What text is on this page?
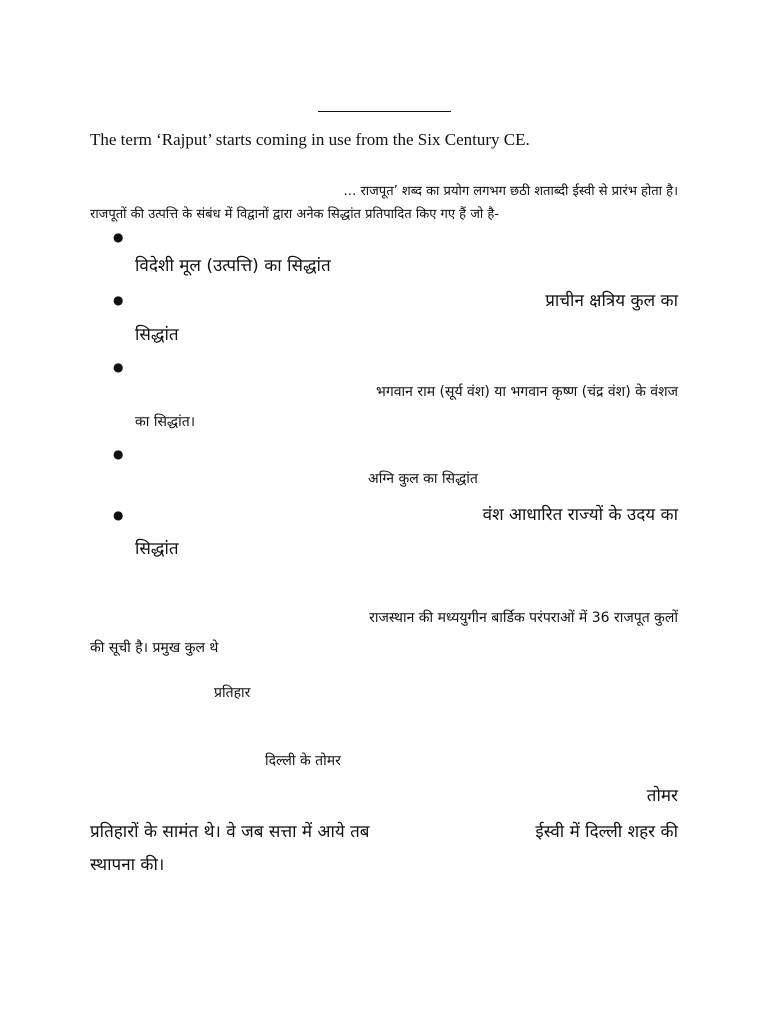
The term ‘Rajput’ starts coming in use from the Six Century CE.
… राजपूत’ शब्द का प्रयोग लगभग छठी शताब्दी ईस्वी से प्रारंभ होता है।
राजपूतों की उत्पत्ति के संबंध में विद्वानों द्वारा अनेक सिद्धांत प्रतिपादित किए गए हैं जो है-
●
विदेशी मूल (उत्पत्ति) का सिद्धांत
●	प्राचीन क्षत्रिय कुल का
सिद्धांत
●
भगवान राम (सूर्य वंश) या भगवान कृष्ण (चंद्र वंश) के वंशज
का सिद्धांत।
●
अग्नि कुल का सिद्धांत
●	वंश आधारित राज्यों के उदय का
सिद्धांत
राजस्थान की मध्ययुगीन बार्डिक परंपराओं में 36 राजपूत कुलों
की सूची है। प्रमुख कुल थे
प्रतिहार
दिल्ली के तोमर
तोमर
प्रतिहारों के सामंत थे। वे जब सत्ता में आये तब	ईस्वी में दिल्ली शहर की
स्थापना की।
